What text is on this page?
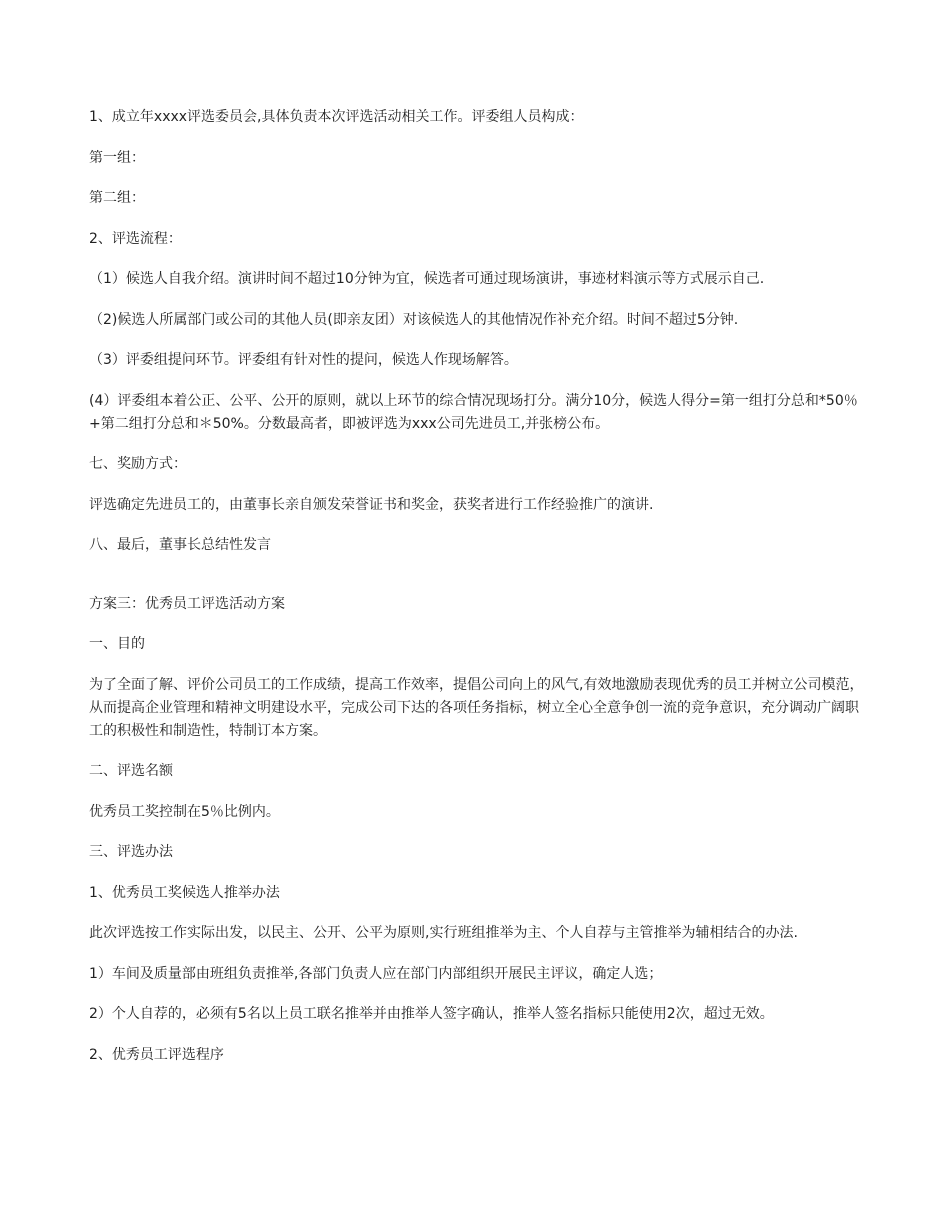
1、成立年xxxx评选委员会,具体负责本次评选活动相关工作。评委组人员构成：

第一组：

第二组：

2、评选流程：

（1）候选人自我介绍。演讲时间不超过10分钟为宜，候选者可通过现场演讲，事迹材料演示等方式展示自己.

（2)候选人所属部门或公司的其他人员(即亲友团）对该候选人的其他情况作补充介绍。时间不超过5分钟.

（3）评委组提问环节。评委组有针对性的提问，候选人作现场解答。

(4）评委组本着公正、公平、公开的原则，就以上环节的综合情况现场打分。满分10分，候选人得分=第一组打分总和*50％+第二组打分总和＊50%。分数最高者，即被评选为xxx公司先进员工,并张榜公布。

七、奖励方式：

评选确定先进员工的，由董事长亲自颁发荣誉证书和奖金，获奖者进行工作经验推广的演讲.

八、最后，董事长总结性发言

方案三：优秀员工评选活动方案

一、目的

为了全面了解、评价公司员工的工作成绩，提高工作效率，提倡公司向上的风气,有效地激励表现优秀的员工并树立公司模范，从而提高企业管理和精神文明建设水平，完成公司下达的各项任务指标，树立全心全意争创一流的竞争意识，充分调动广阔职工的积极性和制造性，特制订本方案。

二、评选名额

优秀员工奖控制在5％比例内。

三、评选办法

1、优秀员工奖候选人推举办法

此次评选按工作实际出发，以民主、公开、公平为原则,实行班组推举为主、个人自荐与主管推举为辅相结合的办法.

1）车间及质量部由班组负责推举,各部门负责人应在部门内部组织开展民主评议，确定人选；

2）个人自荐的，必须有5名以上员工联名推举并由推举人签字确认，推举人签名指标只能使用2次，超过无效。

2、优秀员工评选程序
